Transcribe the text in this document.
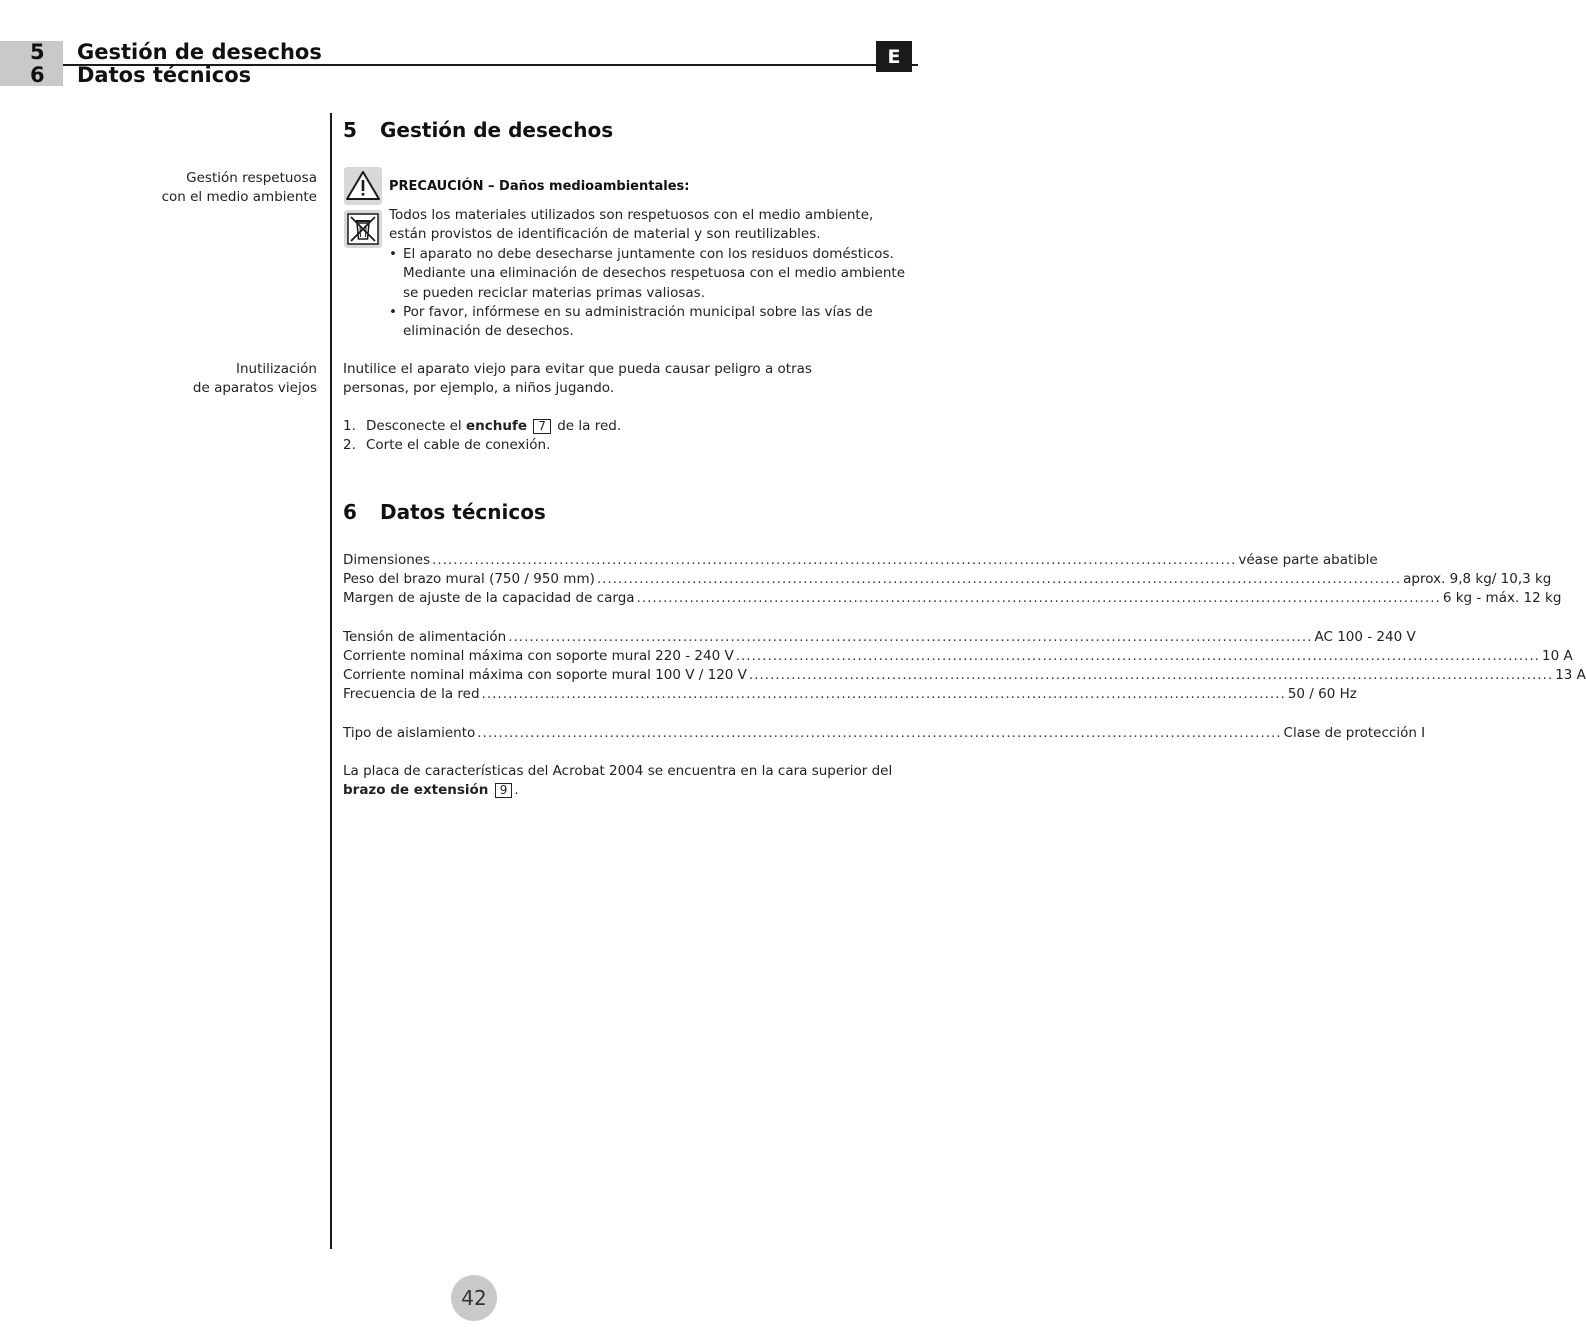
5 Gestión de desechos
6 Datos técnicos
E
Gestión respetuosa
con el medio ambiente
Inutilización
de aparatos viejos
5 Gestión de desechos
PRECAUCIÓN – Daños medioambientales:
Todos los materiales utilizados son respetuosos con el medio ambiente, están provistos de identificación de material y son reutilizables.

• El aparato no debe desecharse juntamente con los residuos domésticos. Mediante una eliminación de desechos respetuosa con el medio ambiente se pueden reciclar materias primas valiosas.

• Por favor, infórmese en su administración municipal sobre las vías de eliminación de desechos.

Inutilice el aparato viejo para evitar que pueda causar peligro a otras personas, por ejemplo, a niños jugando.
1. Desconecte el enchufe 7 de la red.
2. Corte el cable de conexión.
6 Datos técnicos
Dimensiones ........................................................................................................................................................ véase parte abatible
Peso del brazo mural (750 / 950 mm) ........................................................................................................................................................ aprox. 9,8 kg/ 10,3 kg
Margen de ajuste de la capacidad de carga ........................................................................................................................................................ 6 kg - máx. 12 kg
Tensión de alimentación ........................................................................................................................................................ AC 100 - 240 V
Corriente nominal máxima con soporte mural 220 - 240 V ........................................................................................................................................................ 10 A
Corriente nominal máxima con soporte mural 100 V / 120 V ........................................................................................................................................................ 13 A
Frecuencia de la red ........................................................................................................................................................ 50 / 60 Hz
Tipo de aislamiento ........................................................................................................................................................ Clase de protección I
La placa de características del Acrobat 2004 se encuentra en la cara superior del brazo de extensión 9 .
42
